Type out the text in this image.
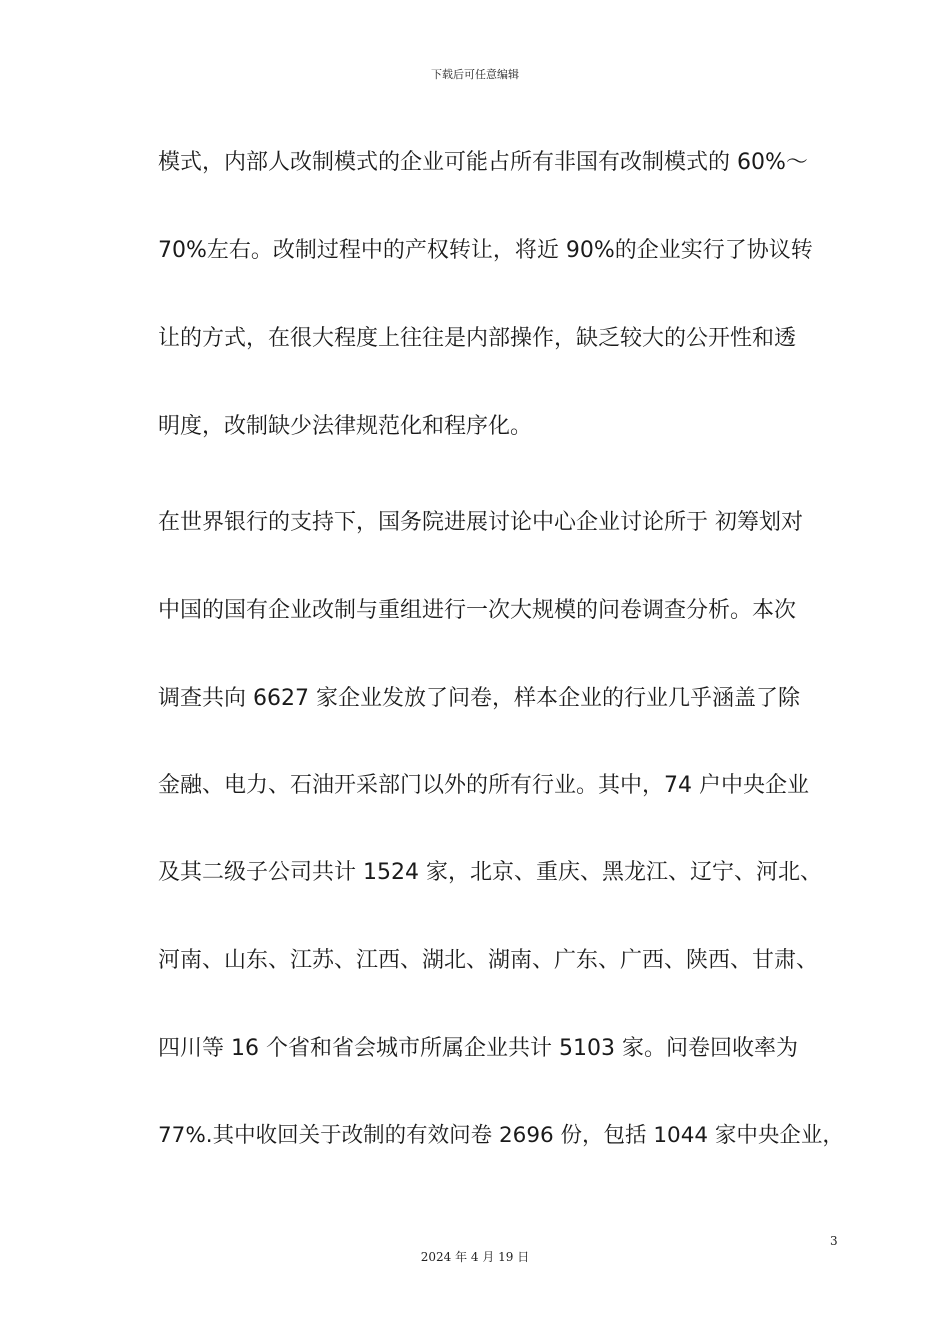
下载后可任意编辑
模式，内部人改制模式的企业可能占所有非国有改制模式的 60%～
70%左右。改制过程中的产权转让，将近 90%的企业实行了协议转
让的方式，在很大程度上往往是内部操作，缺乏较大的公开性和透
明度，改制缺少法律规范化和程序化。
在世界银行的支持下，国务院进展讨论中心企业讨论所于 初筹划对
中国的国有企业改制与重组进行一次大规模的问卷调查分析。本次
调查共向 6627 家企业发放了问卷，样本企业的行业几乎涵盖了除
金融、电力、石油开采部门以外的所有行业。其中，74 户中央企业
及其二级子公司共计 1524 家，北京、重庆、黑龙江、辽宁、河北、
河南、山东、江苏、江西、湖北、湖南、广东、广西、陕西、甘肃、
四川等 16 个省和省会城市所属企业共计 5103 家。问卷回收率为
77%.其中收回关于改制的有效问卷 2696 份，包括 1044 家中央企业，
3
2024 年 4 月 19 日
